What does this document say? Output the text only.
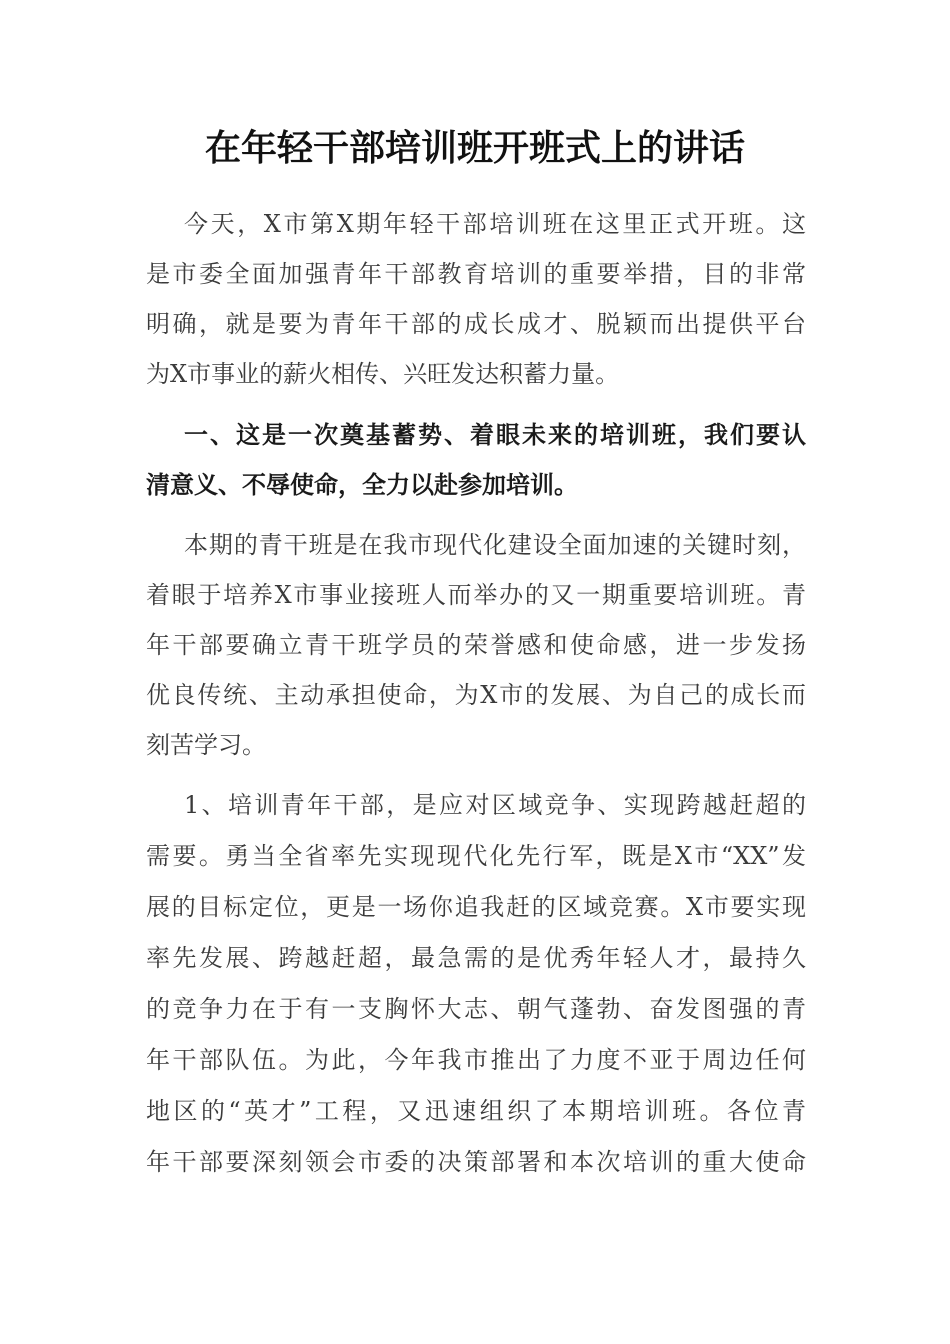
在年轻干部培训班开班式上的讲话
今天，X市第X期年轻干部培训班在这里正式开班。这
是市委全面加强青年干部教育培训的重要举措，目的非常
明确，就是要为青年干部的成长成才、脱颖而出提供平台
为X市事业的薪火相传、兴旺发达积蓄力量。
一、这是一次奠基蓄势、着眼未来的培训班，我们要认
清意义、不辱使命，全力以赴参加培训。
本期的青干班是在我市现代化建设全面加速的关键时刻，
着眼于培养X市事业接班人而举办的又一期重要培训班。青
年干部要确立青干班学员的荣誉感和使命感，进一步发扬
优良传统、主动承担使命，为X市的发展、为自己的成长而
刻苦学习。
1、培训青年干部，是应对区域竞争、实现跨越赶超的
需要。勇当全省率先实现现代化先行军，既是X市“XX”发
展的目标定位，更是一场你追我赶的区域竞赛。X市要实现
率先发展、跨越赶超，最急需的是优秀年轻人才，最持久
的竞争力在于有一支胸怀大志、朝气蓬勃、奋发图强的青
年干部队伍。为此，今年我市推出了力度不亚于周边任何
地区的“英才”工程，又迅速组织了本期培训班。各位青
年干部要深刻领会市委的决策部署和本次培训的重大使命
